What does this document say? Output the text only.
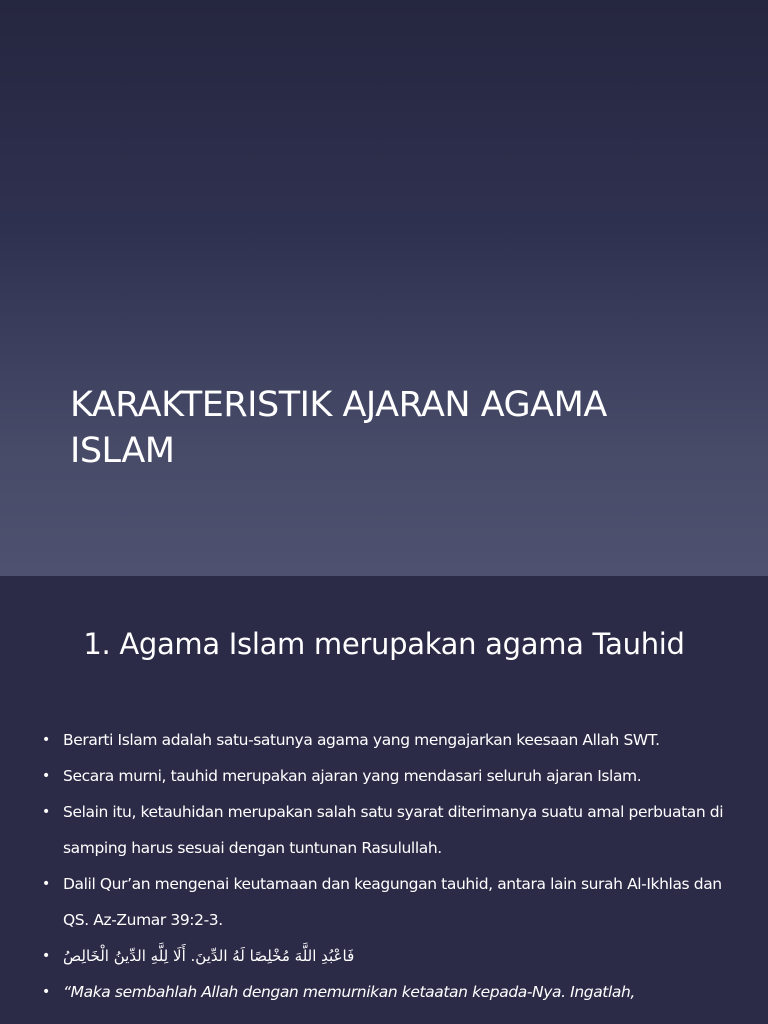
KARAKTERISTIK AJARAN AGAMA
ISLAM
1. Agama Islam merupakan agama Tauhid
• Berarti Islam adalah satu-satunya agama yang mengajarkan keesaan Allah SWT.
• Secara murni, tauhid merupakan ajaran yang mendasari seluruh ajaran Islam.
• Selain itu, ketauhidan merupakan salah satu syarat diterimanya suatu amal perbuatan di samping harus sesuai dengan tuntunan Rasulullah.
• Dalil Qur’an mengenai keutamaan dan keagungan tauhid, antara lain surah Al-Ikhlas dan QS. Az-Zumar 39:2-3.
• فَاعْبُدِ اللَّهَ مُخْلِصًا لَهُ الدِّينَ. أَلَا لِلَّهِ الدِّينُ الْخَالِصُ
• “Maka sembahlah Allah dengan memurnikan ketaatan kepada-Nya. Ingatlah,
